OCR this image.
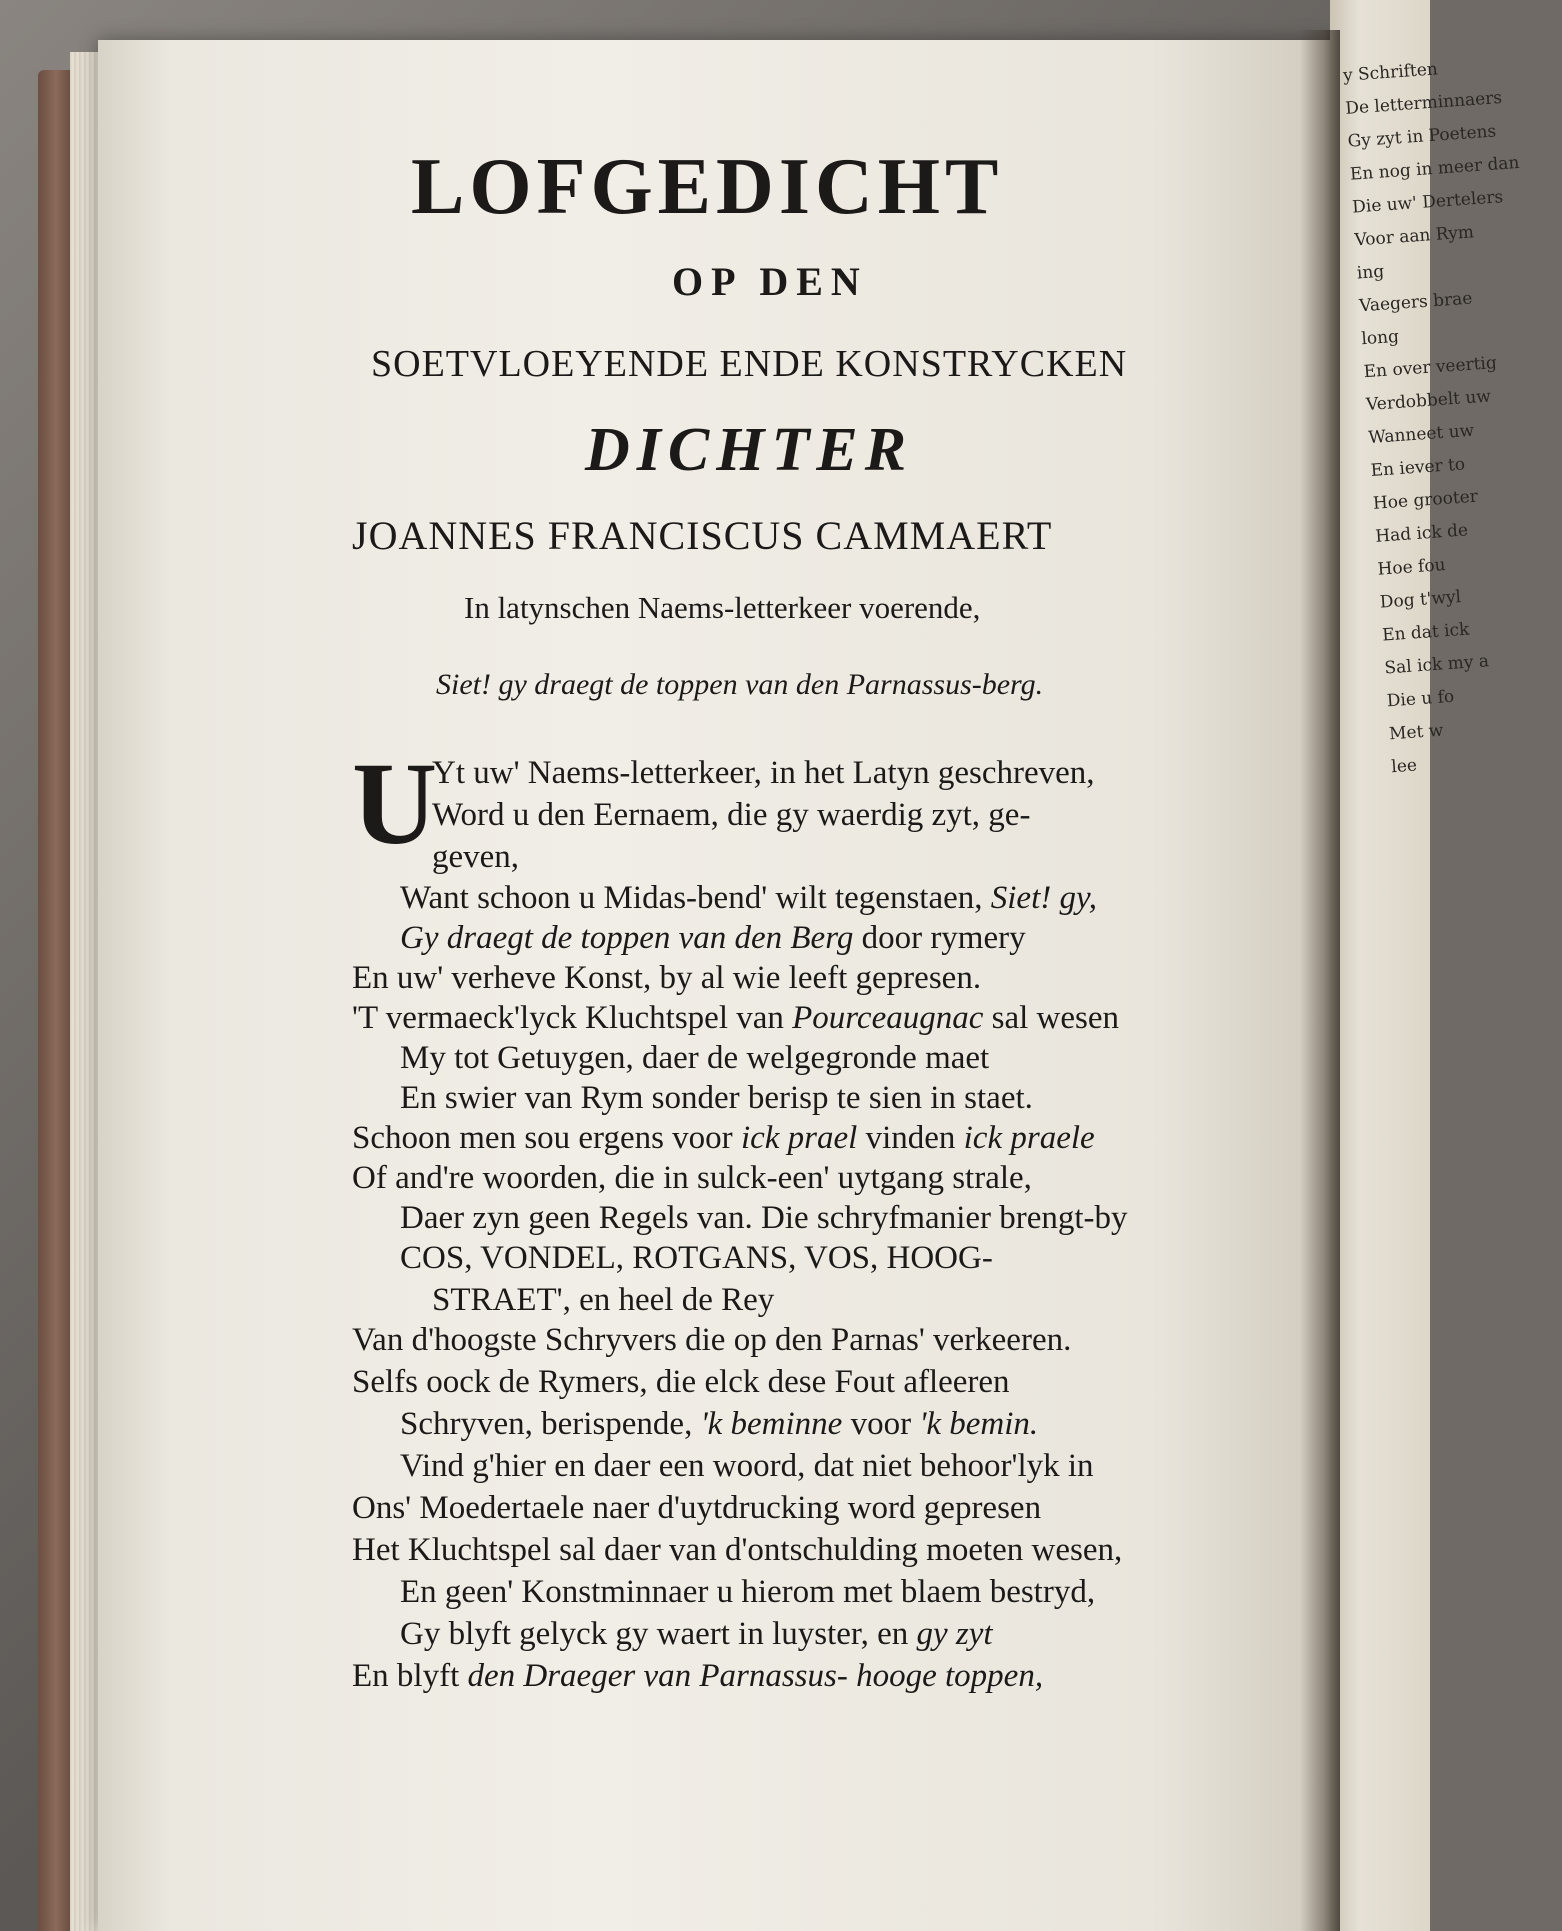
y Schriften
De letterminnaers
Gy zyt in Poetens
En nog in meer dan
Die uw' Dertelers
Voor aan Rym
ing
Vaegers brae
long
En over veertig
Verdobbelt uw
Wanneet uw
En iever to
Hoe grooter
Had ick de
Hoe fou
Dog t'wyl
En dat ick
Sal ick my a
Die u fo
Met w
lee
LOFGEDICHT
OP DEN
SOETVLOEYENDE ENDE KONSTRYCKEN
DICHTER
JOANNES FRANCISCUS CAMMAERT
In latynschen Naems-letterkeer voerende,
Siet! gy draegt de toppen van den Parnassus-berg.
U
Yt uw' Naems-letterkeer, in het Latyn geschreven,
Word u den Eernaem, die gy waerdig zyt, ge-
geven,
Want schoon u Midas-bend' wilt tegenstaen, Siet! gy,
Gy draegt de toppen van den Berg door rymery
En uw' verheve Konst, by al wie leeft gepresen.
'T vermaeck'lyck Kluchtspel van Pourceaugnac sal wesen
My tot Getuygen, daer de welgegronde maet
En swier van Rym sonder berisp te sien in staet.
Schoon men sou ergens voor ick prael vinden ick praele
Of and're woorden, die in sulck-een' uytgang strale,
Daer zyn geen Regels van. Die schryfmanier brengt-by
COS, VONDEL, ROTGANS, VOS, HOOG-
STRAET', en heel de Rey
Van d'hoogste Schryvers die op den Parnas' verkeeren.
Selfs oock de Rymers, die elck dese Fout afleeren
Schryven, berispende, 'k beminne voor 'k bemin.
Vind g'hier en daer een woord, dat niet behoor'lyk in
Ons' Moedertaele naer d'uytdrucking word gepresen
Het Kluchtspel sal daer van d'ontschulding moeten wesen,
En geen' Konstminnaer u hierom met blaem bestryd,
Gy blyft gelyck gy waert in luyster, en gy zyt
En blyft den Draeger van Parnassus- hooge toppen,
